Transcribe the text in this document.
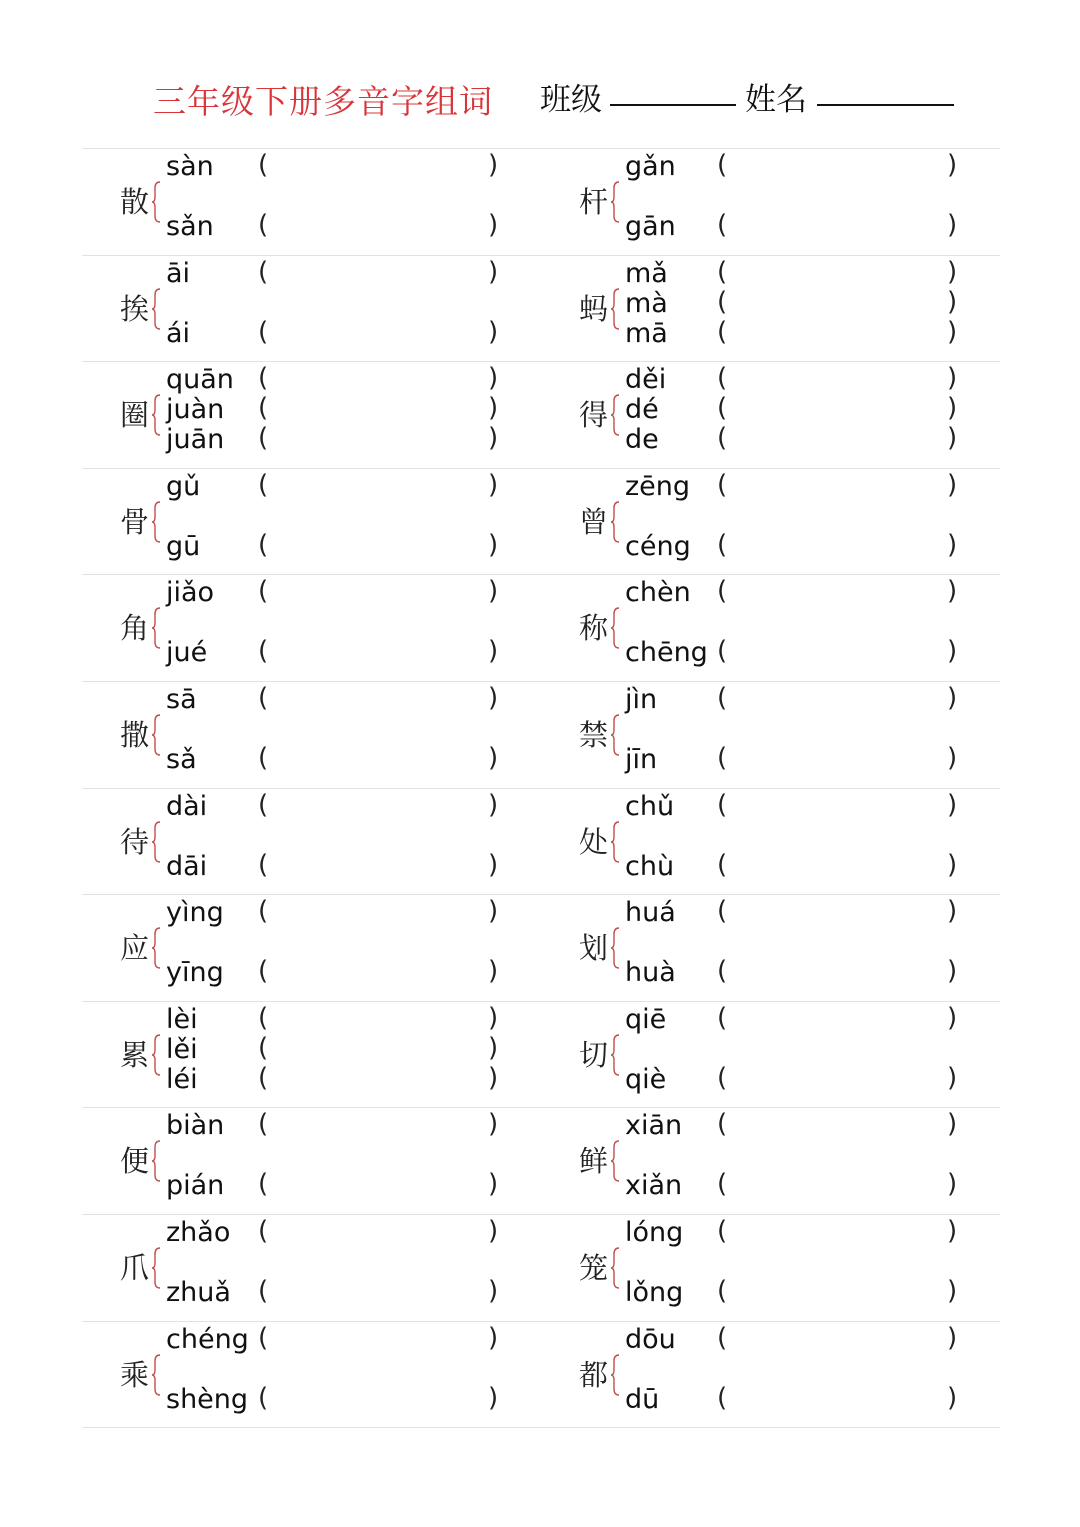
三年级下册多音字组词 班级	姓名
散
sàn (	)
sǎn (	)
杆
gǎn (	)
gān (	)
挨
āi	(	)
ái	(	)
蚂
mǎ (	)
mà (	)
mā (	)
圈
quān (	)
juàn (	)
juān (	)
得
děi (	)
dé (	)
de (	)
骨
gǔ (	)
gū (	)
曾
zēng (	)
céng (	)
角
jiǎo (	)
jué (	)
称
chèn (	)
chēng (	)
撒
sā (	)
sǎ (	)
禁
jìn (	)
jīn (	)
待
dài (	)
dāi (	)
处
chǔ (	)
chù (	)
应
yìng (	)
yīng (	)
划
huá (	)
huà (	)
累
lèi (	)
lěi (	)
léi (	)
切
qiē (	)
qiè (	)
便
biàn (	)
pián (	)
鲜
xiān (	)
xiǎn (	)
爪
zhǎo (	)
zhuǎ (	)
笼
lóng (	)
lǒng (	)
乘
chéng (	)
shèng (	)
都
dōu (	)
dū (	)
